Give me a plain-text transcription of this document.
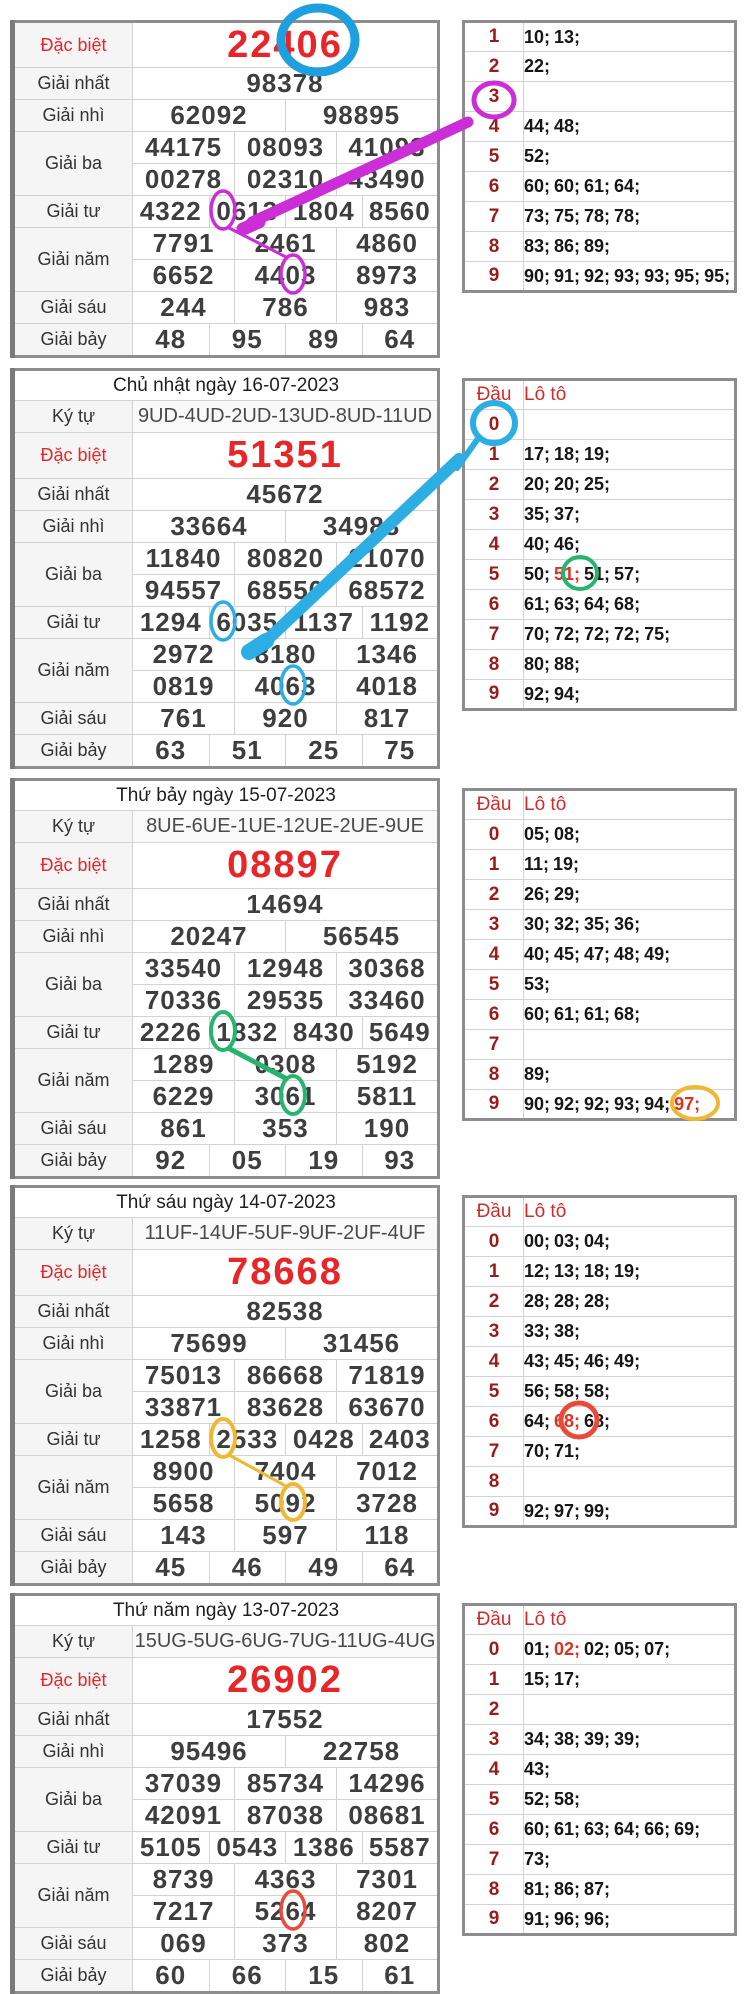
Đặc biệt	22406					
Giải nhất	98378					
Giải nhì	62092			98895		
Giải ba	44175		08093		41093	
	00278		02310		43490	
Giải tư	4322	0613		1804		8560
Giải năm	7791		2461		4860	
	6652		4403		8973	
Giải sáu	244		786		983	
Giải bảy	48	95		89		64
1	10; 13;
2	22;
3	
4	44; 48;
5	52;
6	60; 60; 61; 64;
7	73; 75; 78; 78;
8	83; 86; 89;
9	90; 91; 92; 93; 93; 95; 95;
Chủ nhật ngày 16-07-2023						
Ký tự	9UD-4UD-2UD-13UD-8UD-11UD					
Đặc biệt	51351					
Giải nhất	45672					
Giải nhì	33664			34988		
Giải ba	11840		80820		21070	
	94557		68550		68572	
Giải tư	1294	6035		1137		1192
Giải năm	2972		8180		1346	
	0819		4063		4018	
Giải sáu	761		920		817	
Giải bảy	63	51		25		75
Đầu	Lô tô
0	
1	17; 18; 19;
2	20; 20; 25;
3	35; 37;
4	40; 46;
5	50; 51; 51; 57;
6	61; 63; 64; 68;
7	70; 72; 72; 72; 75;
8	80; 88;
9	92; 94;
Thứ bảy ngày 15-07-2023						
Ký tự	8UE-6UE-1UE-12UE-2UE-9UE					
Đặc biệt	08897					
Giải nhất	14694					
Giải nhì	20247			56545		
Giải ba	33540		12948		30368	
	70336		29535		33460	
Giải tư	2226	1832		8430		5649
Giải năm	1289		0308		5192	
	6229		3061		5811	
Giải sáu	861		353		190	
Giải bảy	92	05		19		93
Đầu	Lô tô
0	05; 08;
1	11; 19;
2	26; 29;
3	30; 32; 35; 36;
4	40; 45; 47; 48; 49;
5	53;
6	60; 61; 61; 68;
7	
8	89;
9	90; 92; 92; 93; 94; 97;
Thứ sáu ngày 14-07-2023						
Ký tự	11UF-14UF-5UF-9UF-2UF-4UF					
Đặc biệt	78668					
Giải nhất	82538					
Giải nhì	75699			31456		
Giải ba	75013		86668		71819	
	33871		83628		63670	
Giải tư	1258	2533		0428		2403
Giải năm	8900		7404		7012	
	5658		5092		3728	
Giải sáu	143		597		118	
Giải bảy	45	46		49		64
Đầu	Lô tô
0	00; 03; 04;
1	12; 13; 18; 19;
2	28; 28; 28;
3	33; 38;
4	43; 45; 46; 49;
5	56; 58; 58;
6	64; 68; 68;
7	70; 71;
8	
9	92; 97; 99;
Thứ năm ngày 13-07-2023						
Ký tự	15UG-5UG-6UG-7UG-11UG-4UG					
Đặc biệt	26902					
Giải nhất	17552					
Giải nhì	95496			22758		
Giải ba	37039		85734		14296	
	42091		87038		08681	
Giải tư	5105	0543		1386		5587
Giải năm	8739		4363		7301	
	7217		5264		8207	
Giải sáu	069		373		802	
Giải bảy	60	66		15		61
Đầu	Lô tô
0	01; 02; 02; 05; 07;
1	15; 17;
2	
3	34; 38; 39; 39;
4	43;
5	52; 58;
6	60; 61; 63; 64; 66; 69;
7	73;
8	81; 86; 87;
9	91; 96; 96;
